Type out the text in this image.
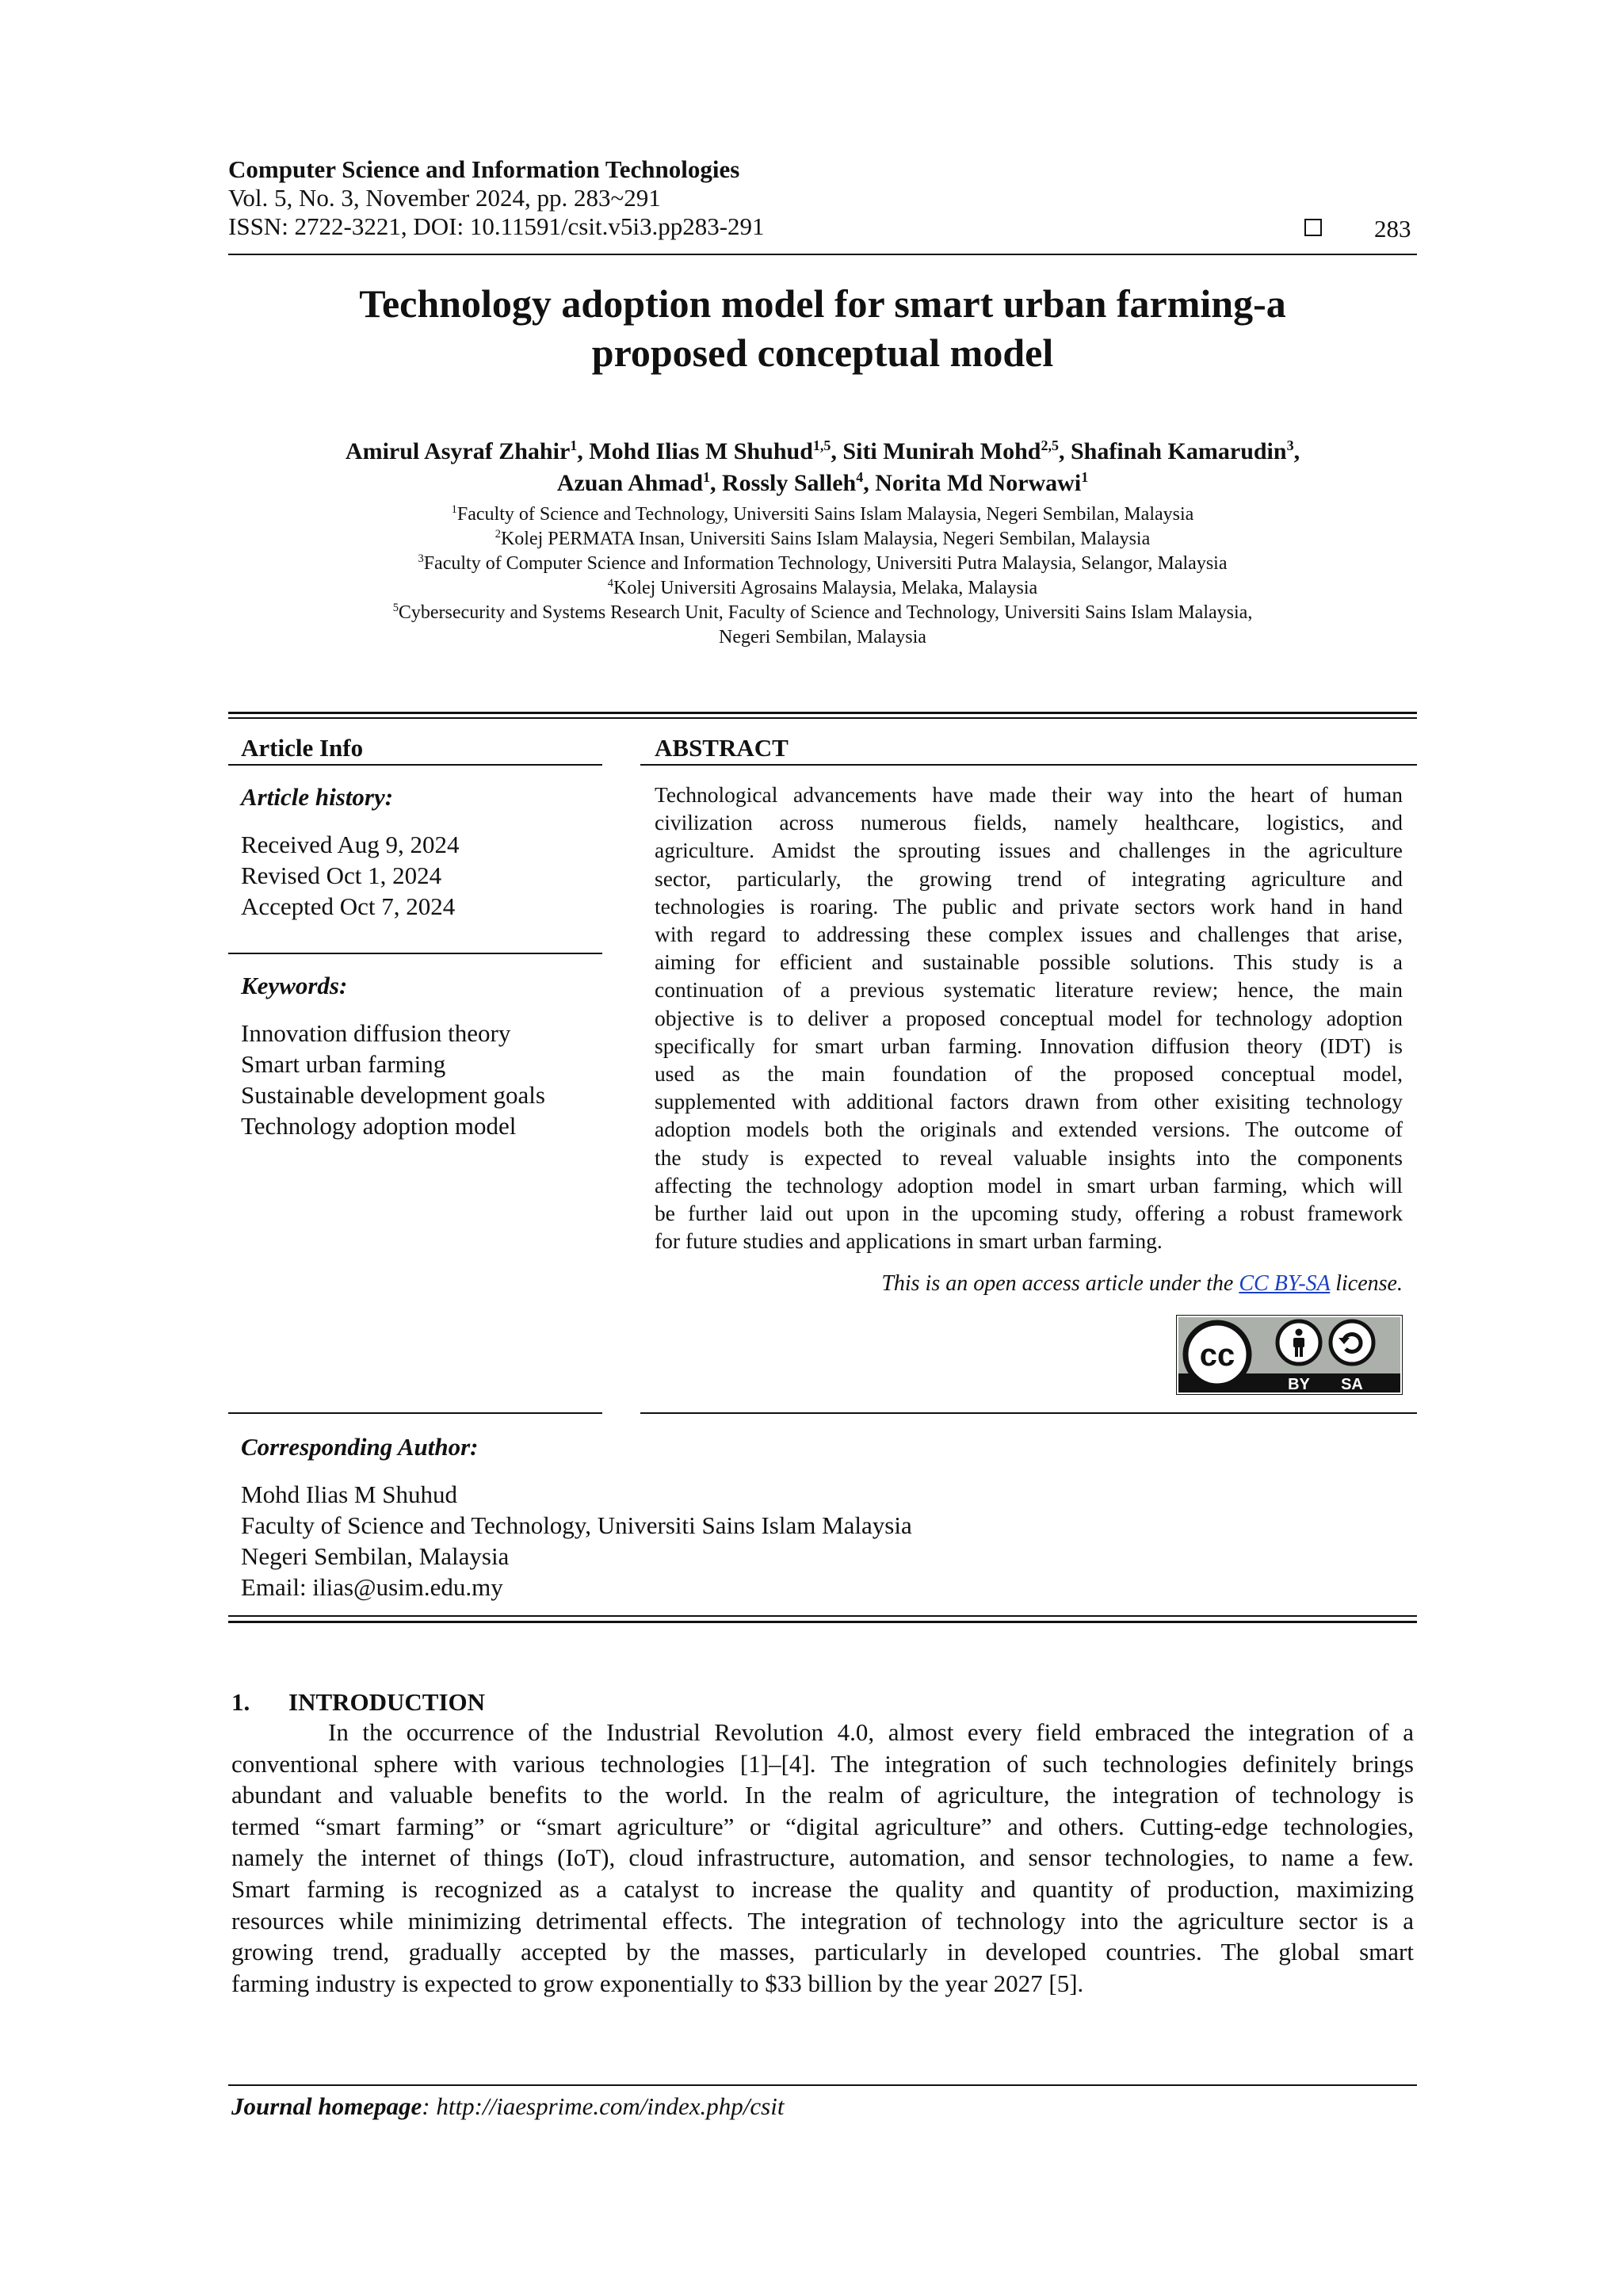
Computer Science and Information Technologies
Vol. 5, No. 3, November 2024, pp. 283~291
ISSN: 2722-3221, DOI: 10.11591/csit.v5i3.pp283-291	283
Technology adoption model for smart urban farming-a
proposed conceptual model
Amirul Asyraf Zhahir$^1$, Mohd Ilias M Shuhud$^{1,5}$, Siti Munirah Mohd$^{2,5}$, Shafinah Kamarudin$^3$,
Azuan Ahmad$^1$, Rossly Salleh$^4$, Norita Md Norwawi$^1$
$^1$Faculty of Science and Technology, Universiti Sains Islam Malaysia, Negeri Sembilan, Malaysia
$^2$Kolej PERMATA Insan, Universiti Sains Islam Malaysia, Negeri Sembilan, Malaysia
$^3$Faculty of Computer Science and Information Technology, Universiti Putra Malaysia, Selangor, Malaysia
$^4$Kolej Universiti Agrosains Malaysia, Melaka, Malaysia
$^5$Cybersecurity and Systems Research Unit, Faculty of Science and Technology, Universiti Sains Islam Malaysia,
Negeri Sembilan, Malaysia
Article Info
Article history:
Received Aug 9, 2024
Revised Oct 1, 2024
Accepted Oct 7, 2024
Keywords:
Innovation diffusion theory
Smart urban farming
Sustainable development goals
Technology adoption model
ABSTRACT
Technological advancements have made their way into the heart of human
civilization across numerous fields, namely healthcare, logistics, and
agriculture. Amidst the sprouting issues and challenges in the agriculture
sector, particularly, the growing trend of integrating agriculture and
technologies is roaring. The public and private sectors work hand in hand
with regard to addressing these complex issues and challenges that arise,
aiming for efficient and sustainable possible solutions. This study is a
continuation of a previous systematic literature review; hence, the main
objective is to deliver a proposed conceptual model for technology adoption
specifically for smart urban farming. Innovation diffusion theory (IDT) is
used as the main foundation of the proposed conceptual model,
supplemented with additional factors drawn from other exisiting technology
adoption models both the originals and extended versions. The outcome of
the study is expected to reveal valuable insights into the components
affecting the technology adoption model in smart urban farming, which will
be further laid out upon in the upcoming study, offering a robust framework
for future studies and applications in smart urban farming.
This is an open access article under the CC BY-SA license.
cc
BY SA
Corresponding Author:
Mohd Ilias M Shuhud
Faculty of Science and Technology, Universiti Sains Islam Malaysia
Negeri Sembilan, Malaysia
Email: ilias@usim.edu.my
1. INTRODUCTION
In the occurrence of the Industrial Revolution 4.0, almost every field embraced the integration of a
conventional sphere with various technologies [1]–[4]. The integration of such technologies definitely brings
abundant and valuable benefits to the world. In the realm of agriculture, the integration of technology is
termed “smart farming” or “smart agriculture” or “digital agriculture” and others. Cutting-edge technologies,
namely the internet of things (IoT), cloud infrastructure, automation, and sensor technologies, to name a few.
Smart farming is recognized as a catalyst to increase the quality and quantity of production, maximizing
resources while minimizing detrimental effects. The integration of technology into the agriculture sector is a
growing trend, gradually accepted by the masses, particularly in developed countries. The global smart
farming industry is expected to grow exponentially to $33 billion by the year 2027 [5].
Journal homepage: http://iaesprime.com/index.php/csit
